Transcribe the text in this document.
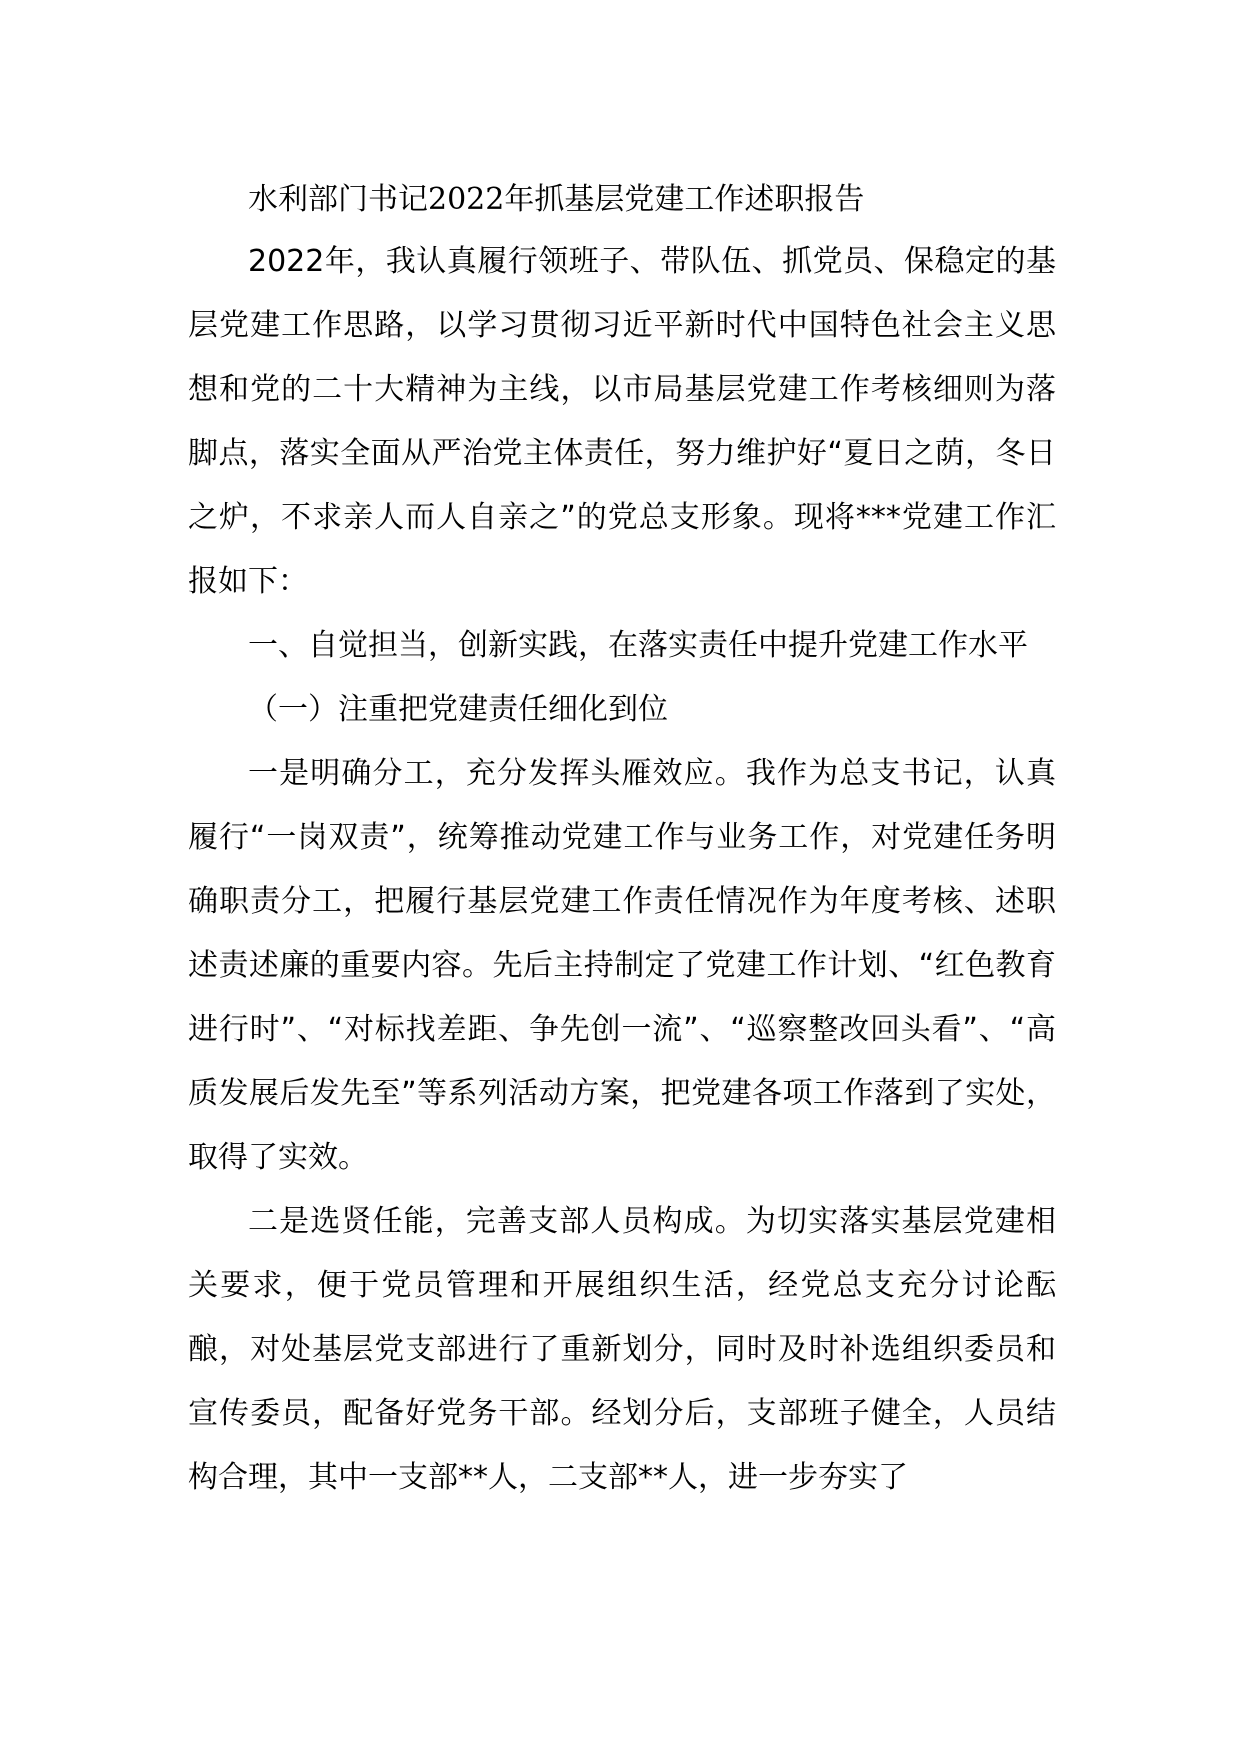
水利部门书记2022年抓基层党建工作述职报告

2022年，我认真履行领班子、带队伍、抓党员、保稳定的基层党建工作思路，以学习贯彻习近平新时代中国特色社会主义思想和党的二十大精神为主线，以市局基层党建工作考核细则为落脚点，落实全面从严治党主体责任，努力维护好“夏日之荫，冬日之炉，不求亲人而人自亲之”的党总支形象。现将***党建工作汇报如下：

一、自觉担当，创新实践，在落实责任中提升党建工作水平

（一）注重把党建责任细化到位

一是明确分工，充分发挥头雁效应。我作为总支书记，认真履行“一岗双责”，统筹推动党建工作与业务工作，对党建任务明确职责分工，把履行基层党建工作责任情况作为年度考核、述职述责述廉的重要内容。先后主持制定了党建工作计划、“红色教育进行时”、“对标找差距、争先创一流”、“巡察整改回头看”、“高质发展后发先至”等系列活动方案，把党建各项工作落到了实处，取得了实效。

二是选贤任能，完善支部人员构成。为切实落实基层党建相关要求，便于党员管理和开展组织生活，经党总支充分讨论酝酿，对处基层党支部进行了重新划分，同时及时补选组织委员和宣传委员，配备好党务干部。经划分后，支部班子健全，人员结构合理，其中一支部**人，二支部**人，进一步夯实了
